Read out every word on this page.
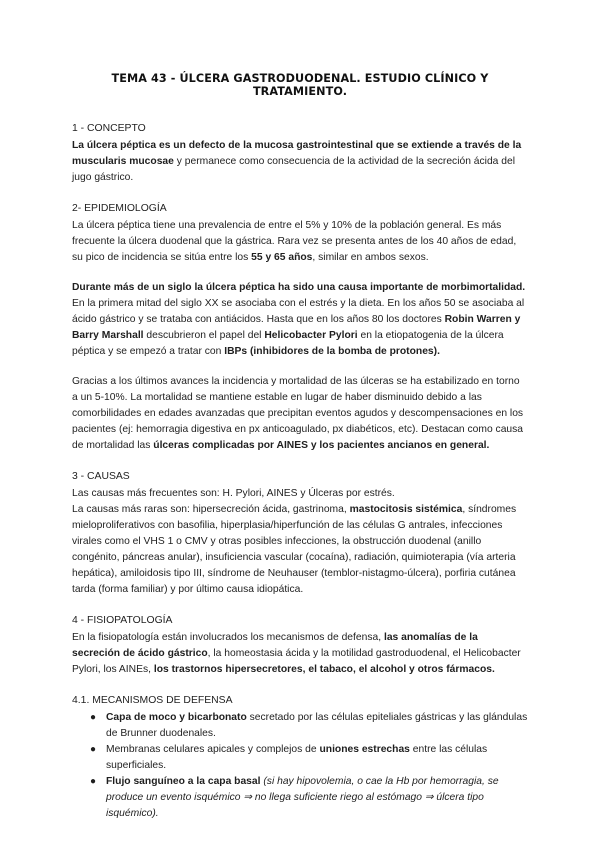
TEMA 43 - ÚLCERA GASTRODUODENAL. ESTUDIO CLÍNICO Y TRATAMIENTO.
1 - CONCEPTO

La úlcera péptica es un defecto de la mucosa gastrointestinal que se extiende a través de la muscularis mucosae y permanece como consecuencia de la actividad de la secreción ácida del jugo gástrico.

2- EPIDEMIOLOGÍA

La úlcera péptica tiene una prevalencia de entre el 5% y 10% de la población general. Es más frecuente la úlcera duodenal que la gástrica. Rara vez se presenta antes de los 40 años de edad, su pico de incidencia se sitúa entre los 55 y 65 años, similar en ambos sexos.

Durante más de un siglo la úlcera péptica ha sido una causa importante de morbimortalidad. En la primera mitad del siglo XX se asociaba con el estrés y la dieta. En los años 50 se asociaba al ácido gástrico y se trataba con antiácidos. Hasta que en los años 80 los doctores Robin Warren y Barry Marshall descubrieron el papel del Helicobacter Pylori en la etiopatogenia de la úlcera péptica y se empezó a tratar con IBPs (inhibidores de la bomba de protones).

Gracias a los últimos avances la incidencia y mortalidad de las úlceras se ha estabilizado en torno a un 5-10%. La mortalidad se mantiene estable en lugar de haber disminuido debido a las comorbilidades en edades avanzadas que precipitan eventos agudos y descompensaciones en los pacientes (ej: hemorragia digestiva en px anticoagulado, px diabéticos, etc). Destacan como causa de mortalidad las úlceras complicadas por AINES y los pacientes ancianos en general.

3 - CAUSAS

Las causas más frecuentes son: H. Pylori, AINES y Úlceras por estrés.

La causas más raras son: hipersecreción ácida, gastrinoma, mastocitosis sistémica, síndromes mieloproliferativos con basofilia, hiperplasia/hiperfunción de las células G antrales, infecciones virales como el VHS 1 o CMV y otras posibles infecciones, la obstrucción duodenal (anillo congénito, páncreas anular), insuficiencia vascular (cocaína), radiación, quimioterapia (vía arteria hepática), amiloidosis tipo III, síndrome de Neuhauser (temblor-nistagmo-úlcera), porfiria cutánea tarda (forma familiar) y por último causa idiopática.

4 - FISIOPATOLOGÍA

En la fisiopatología están involucrados los mecanismos de defensa, las anomalías de la secreción de ácido gástrico, la homeostasia ácida y la motilidad gastroduodenal, el Helicobacter Pylori, los AINEs, los trastornos hipersecretores, el tabaco, el alcohol y otros fármacos.

4.1. MECANISMOS DE DEFENSA
● Capa de moco y bicarbonato secretado por las células epiteliales gástricas y las glándulas de Brunner duodenales.
● Membranas celulares apicales y complejos de uniones estrechas entre las células superficiales.
● Flujo sanguíneo a la capa basal (si hay hipovolemia, o cae la Hb por hemorragia, se produce un evento isquémico ⇒ no llega suficiente riego al estómago ⇒ úlcera tipo isquémico).
